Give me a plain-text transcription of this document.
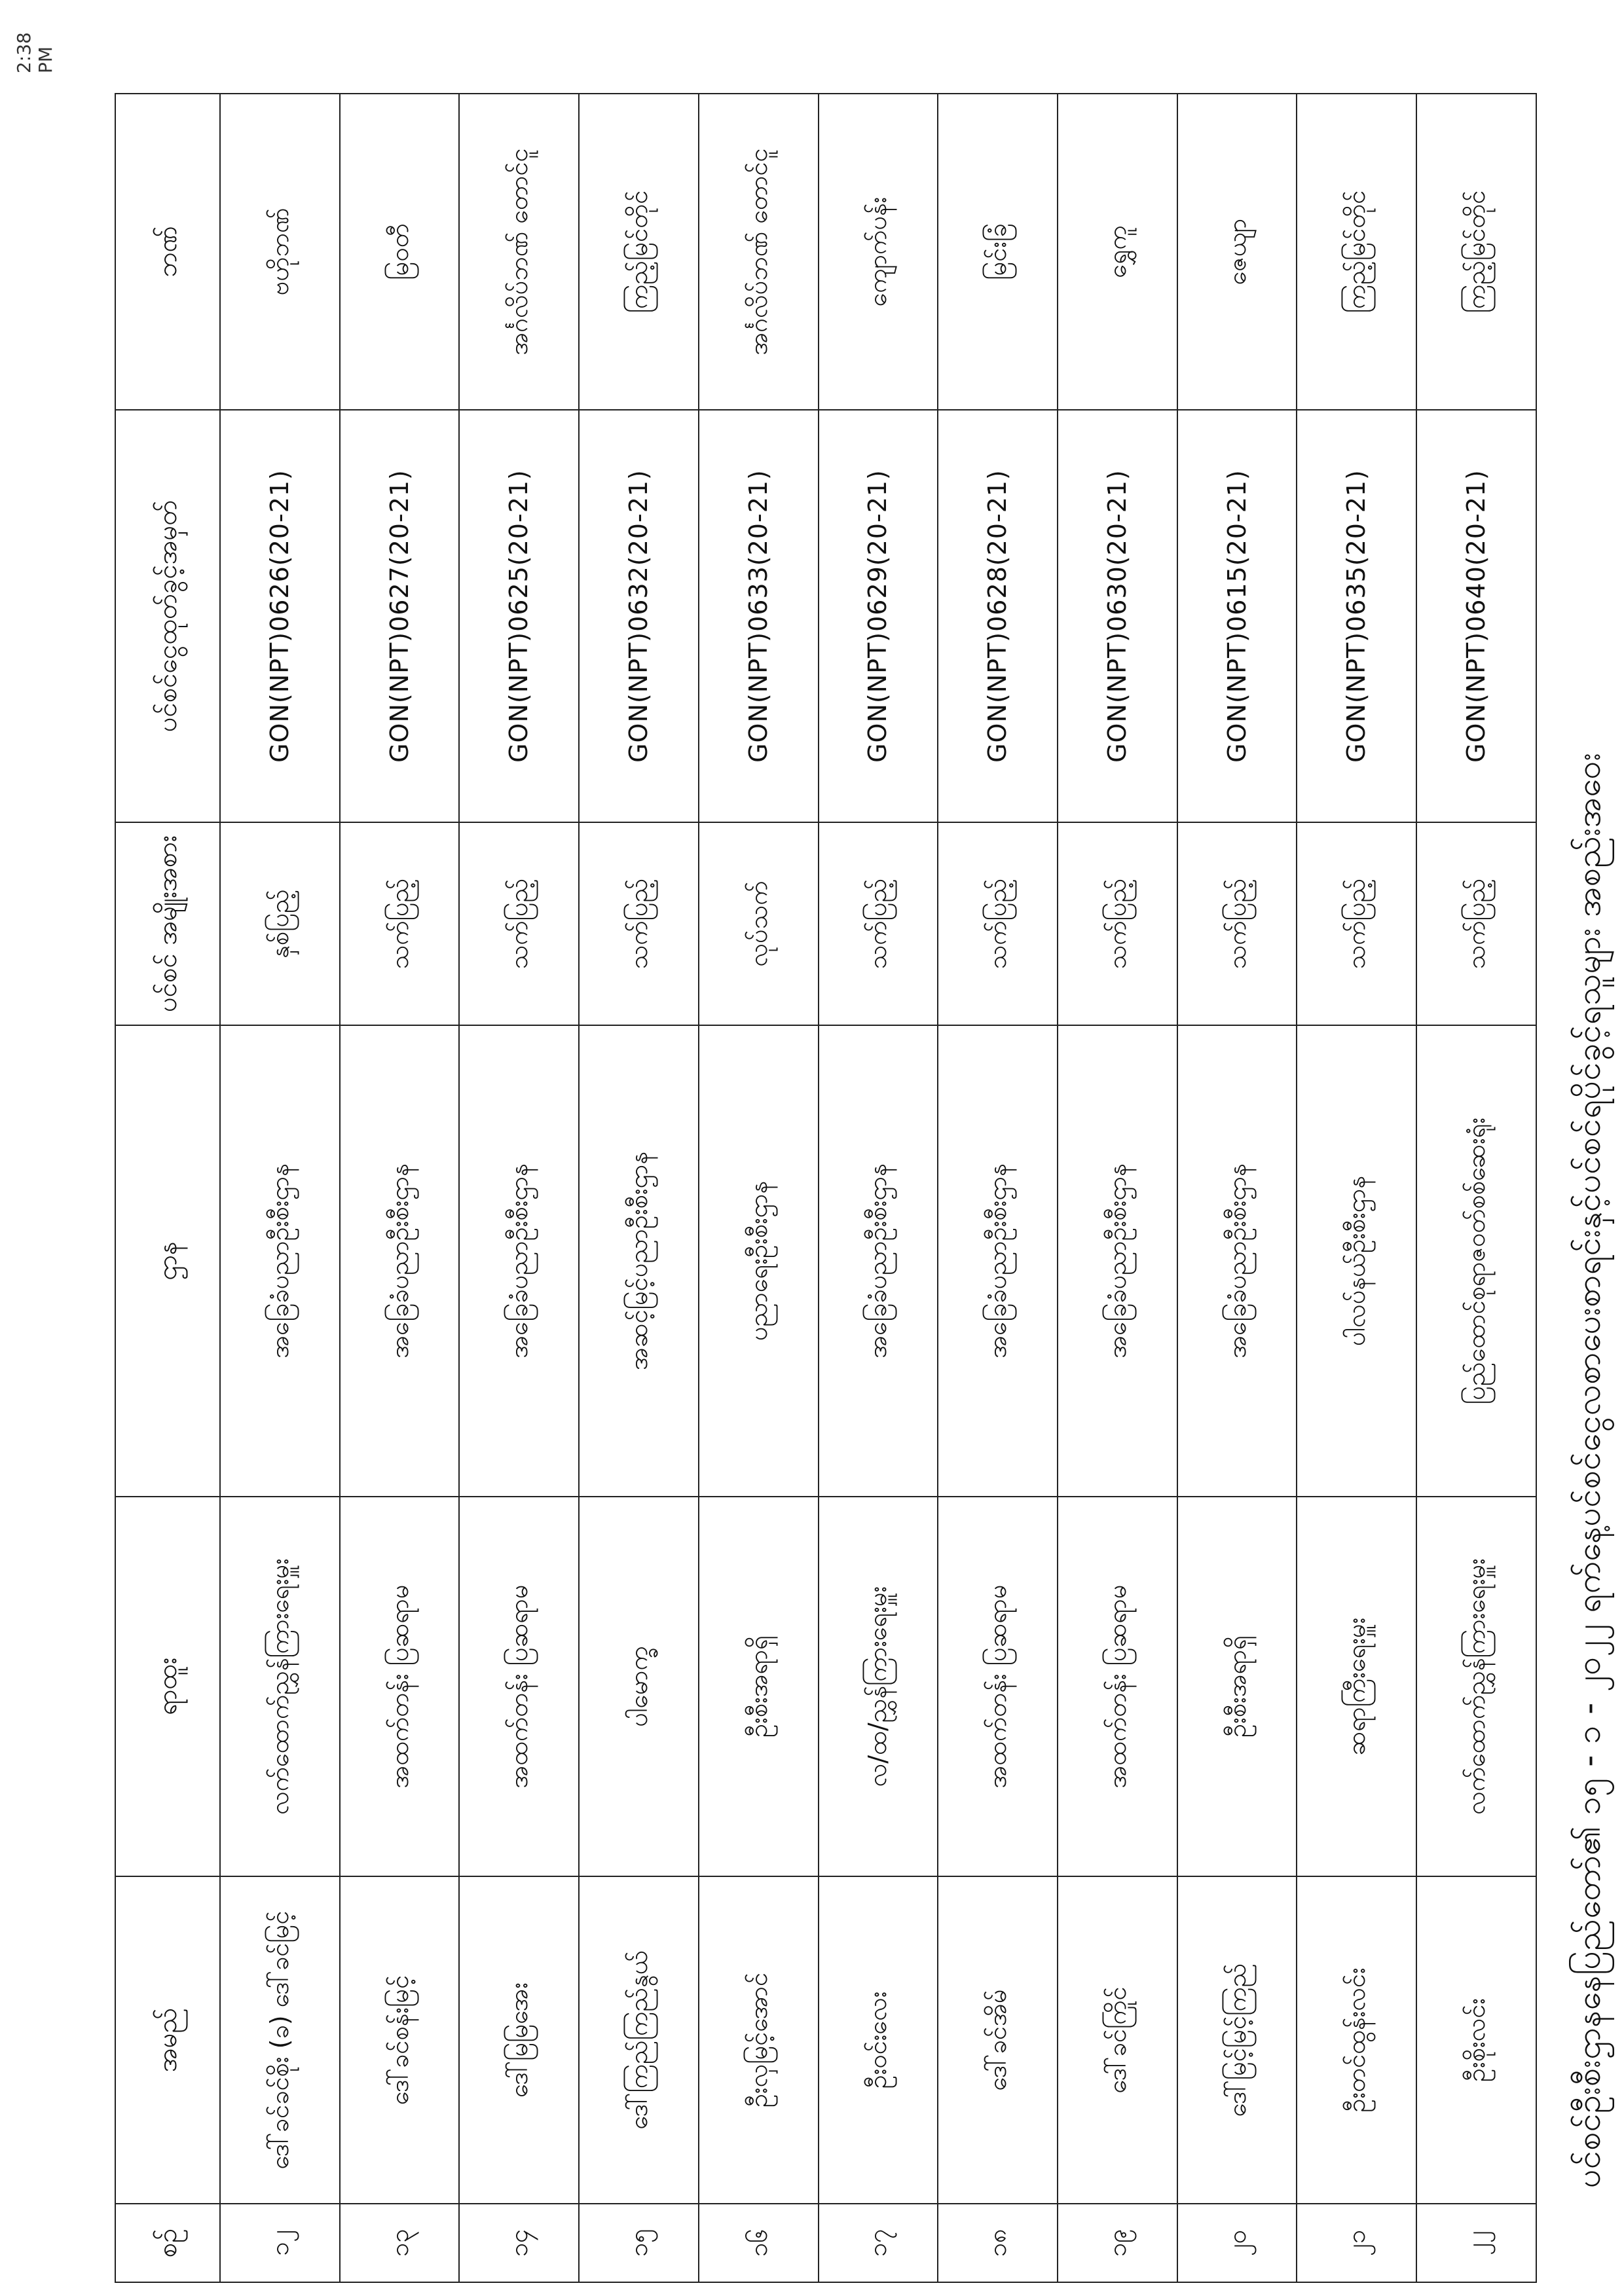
2:38 PM
ပင်စင်ဦးစီးဌာနနေပြည်တော်၏ ၁၅ - ၁ - ၂၀၂၂ ရက်နေ့ပင်စင်ငွေလစာပေးစာရင်းနှင့်ပင်စင်ရပိုင်ခွင့်ရသူများ အစည်းအဝေး
စဉ်	အမည်	ရာထူး	ဌာန	ပင်စင် အမျိုးအစား	ပင်စင်ငွေထုတ်ခွင့်အမှတ်	ဘဏ်
၁၂	ဒေါ်ခင်ခင်စိုး (ခ) ဒေါ်ခင်မြင့်	လက်ထောက်ညွှန်ကြားရေးမှူး	အခြေခံပညာဦးစီးဌာန	နှစ်ပြည့်	GON(NPT)0626(20-21)	ဗဟိုဘဏ်
၁၃	ဒေါ်ခင်စန်းမြင့်	အထက်တန်း ပြဆရာမ	အခြေခံပညာဦးစီးဌာန	သက်ပြည့်	GON(NPT)0627(20-21)	မြဝတီ
၁၄	ဒေါ်မြမြအေး	အထက်တန်း ပြဆရာမ	အခြေခံပညာဦးစီးဌာန	သက်ပြည့်	GON(NPT)0625(20-21)	အင်္ဂလိပ်ဘဏ် တောင်ငူ
၁၅	ဒေါ်ကြည်ကြည်နွယ်	ပါမောက္ခ	အဆင့်မြင့်ပညာဦးစီးဌာန	သက်ပြည့်	GON(NPT)0632(20-21)	ကြည့်မြင်တိုင်
၁၆	ဦးလှမြင့်အောင်	ဦးစီးအရာရှိ	ပညာရေးဦးစီးဌာန	လုပ်သက်	GON(NPT)0633(20-21)	အင်္ဂလိပ်ဘဏ် တောင်ငူ
၁၇	ဦးဝင်းလေး	လ/ထ/ညွှန်ကြားရေးမှူး	အခြေခံပညာဦးစီးဌာန	သက်ပြည့်	GON(NPT)0629(20-21)	ကျောက်ပန်း
၁၈	ဒေါ်ခင်အိမ်	အထက်တန်း ပြဆရာမ	အခြေခံပညာဦးစီးဌာန	သက်ပြည့်	GON(NPT)0628(20-21)	မြင်းခြံ
၁၉	ဒေါ်ခင်ကြိုင်	အထက်တန်း ပြဆရာမ	အခြေခံပညာဦးစီးဌာန	သက်ပြည့်	GON(NPT)0630(20-21)	ရွှေကူ
၂၀	ဒေါ်မြင့်မြင့်ကြည်	ဦးစီးအရာရှိ	အခြေခံပညာဦးစီးဌာန	သက်ပြည့်	GON(NPT)0615(20-21)	ဇေယျာ
၂၁	ဦးတင်ထွန်းလင်း	ဆရာကြီးရေးမှူး	ပါလပ်နယ်ဦးစီးဌာန	သက်ပြည့်	GON(NPT)0635(20-21)	ကြည့်မြင်တိုင်
၂၂	ဦးစိုးလင်း	လက်ထောက်ညွှန်ကြားရေးမှူး	ပြည်ထောင်စုရာဇဝတ်စစ်ဆေးရုံး	သက်ပြည့်	GON(NPT)0640(20-21)	ကြည့်မြင်တိုင်
